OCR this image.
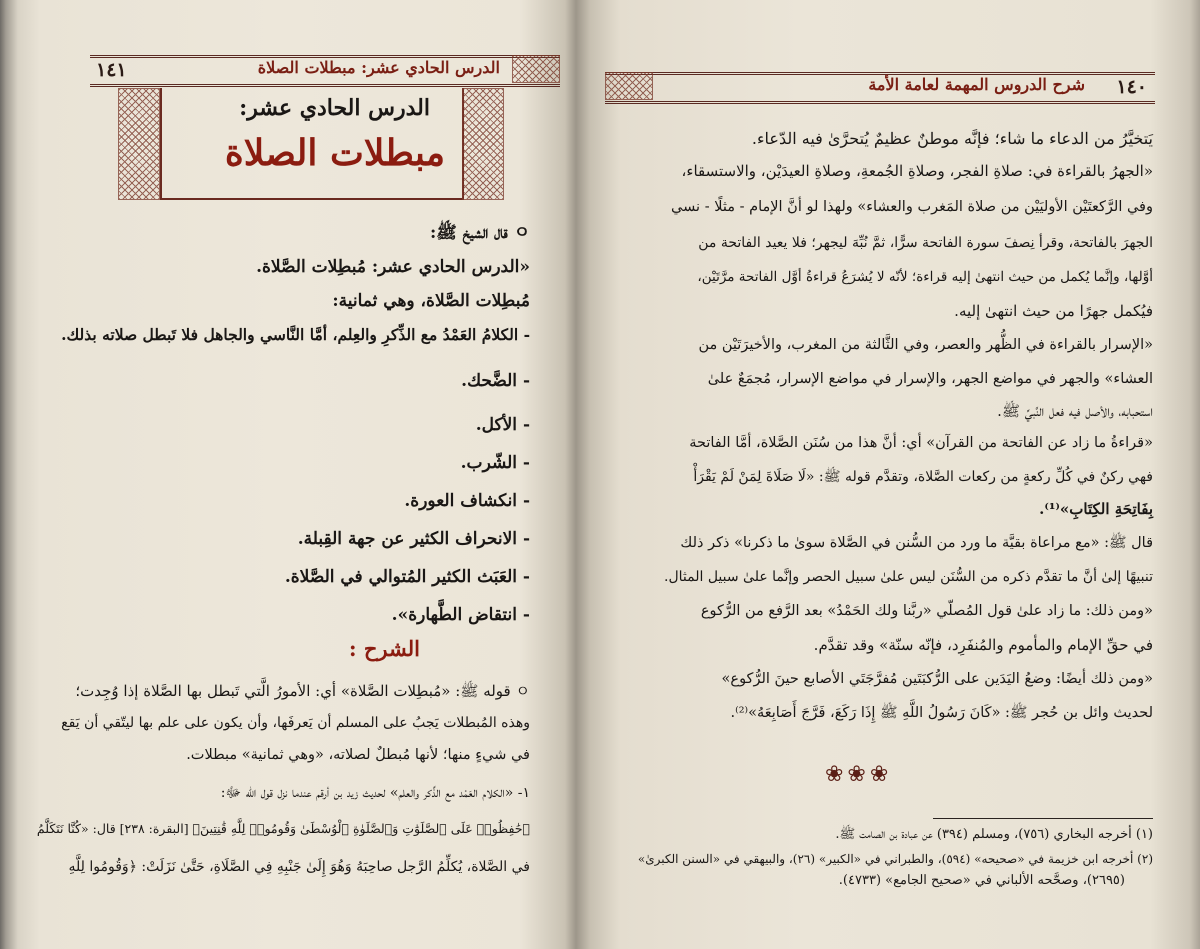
١٤١	الدرس الحادي عشر: مبطلات الصلاة
الدرس الحادي عشر:
مبطلات الصلاة
ㅇ قال الشيخ ﷺ:
«الدرس الحادي عشر: مُبطِلات الصَّلاة.
مُبطِلات الصَّلاة، وهي ثمانية:
- الكلامُ العَمْدُ مع الذِّكرِ والعِلم، أمَّا النَّاسي والجاهل فلا تَبطل صلاته بذلك.
- الضَّحك.
- الأكل.
- الشّرب.
- انكشاف العورة.
- الانحراف الكثير عن جهة القِبلة.
- العَبَث الكثير المُتوالي في الصَّلاة.
- انتقاض الطَّهارة».
الشرح :
ㅇ قوله ﷺ: «مُبطِلات الصَّلاة» أي: الأمورُ الَّتي تَبطل بها الصَّلاة إذا وُجِدت؛
وهذه المُبطلات يَجبُ على المسلم أن يَعرفَها، وأن يكون على علم بها ليتّقي أن يَقع
في شيءٍ منها؛ لأنها مُبطلٌ لصلاته، «وهي ثمانية» مبطلات.
١- «الكلام العَمْد مع الذِّكر والعلم» لحديث زيد بن أرقم عندما نزل قول الله ﷻ:
﴿حَٰفِظُوا۟ عَلَى ٱلصَّلَوَٰتِ وَٱلصَّلَوٰةِ ٱلْوُسْطَىٰ وَقُومُوا۟ لِلَّهِ قَٰنِتِينَ﴾ [البقرة: ٢٣٨] قال: «كُنَّا نَتَكَلَّمُ
في الصَّلاة، يُكلِّمُ الرَّجل صاحِبَهُ وَهُوَ إِلَىٰ جَنْبِهِ فِي الصَّلَاةِ، حَتَّىٰ نَزَلَتْ: ﴿وَقُومُوا لِلَّهِ
١٤٠
شرح الدروس المهمة لعامة الأمة
يَتخيَّرُ من الدعاء ما شاء؛ فإنَّه موطنٌ عظيمٌ يُتحرَّىٰ فيه الدّعاء.
«الجهرُ بالقراءة في: صلاةِ الفجر، وصلاةِ الجُمعةِ، وصلاةِ العيدَيْن، والاستسقاء،
وفي الرَّكعتَيْن الأوليَيْن من صلاة المَغرب والعشاء» ولهذا لو أنَّ الإمام - مثلًا - نسي
الجهرَ بالفاتحة، وقرأ نِصفَ سورة الفاتحة سرًّا، ثمَّ نُبِّهَ ليجهر؛ فلا يعيد الفاتحة من
أوَّلها، وإنَّما يُكمل من حيث انتهىٰ إليه قراءة؛ لأنّه لا يُشرَعُ قراءةُ أوَّل الفاتحة مرَّتَيْن،
فيُكمل جهرًا من حيث انتهىٰ إليه.
«الإسرار بالقراءة في الظُّهر والعصر، وفي الثَّالثة من المغرب، والأخيرَتَيْن من
العشاء» والجهر في مواضع الجهر، والإسرار في مواضع الإسرار، مُجمَعٌ علىٰ
استحبابه، والأصل فيه فعل النَّبيِّ ﷺ.
«قراءةُ ما زاد عن الفاتحة من القرآن» أي: أنَّ هذا من سُنَن الصَّلاة، أمَّا الفاتحة
فهي ركنٌ في كُلِّ ركعةٍ من ركعات الصَّلاة، وتقدَّم قوله ﷺ: «لَا صَلَاةَ لِمَنْ لَمْ يَقْرَأْ
بِفَاتِحَةِ الكِتَابِ»⁽¹⁾.
قال ﷺ: «مع مراعاة بقيَّة ما ورد من السُّنن في الصَّلاة سوىٰ ما ذكرنا» ذكر ذلك
تنبيهًا إلىٰ أنَّ ما تقدَّم ذكره من السُّنَن ليس علىٰ سبيل الحصر وإنَّما علىٰ سبيل المثال.
«ومن ذلك: ما زاد علىٰ قول المُصلّي «ربَّنا ولك الحَمْدُ» بعد الرَّفع من الرُّكوع
في حقِّ الإمام والمأموم والمُنفَرِد، فإنّه سنّة» وقد تقدَّم.
«ومن ذلك أيضًا: وضعُ اليَدَين على الرُّكبَتَين مُفرَّجَتَي الأصابع حينَ الرُّكوع»
لحديث وائل بن حُجر ﷺ: «كَانَ رَسُولُ اللَّهِ ﷺ إِذَا رَكَعَ، فَرَّجَ أَصَابِعَهُ»⁽²⁾.
❀❀❀
(١) أخرجه البخاري (٧٥٦)، ومسلم (٣٩٤) عن عبادة بن الصامت ﷺ.
(٢) أخرجه ابن خزيمة في «صحيحه» (٥٩٤)، والطبراني في «الكبير» (٢٦)، والبيهقي في «السنن الكبرىٰ»
(٢٦٩٥)، وصحَّحه الألباني في «صحيح الجامع» (٤٧٣٣).
